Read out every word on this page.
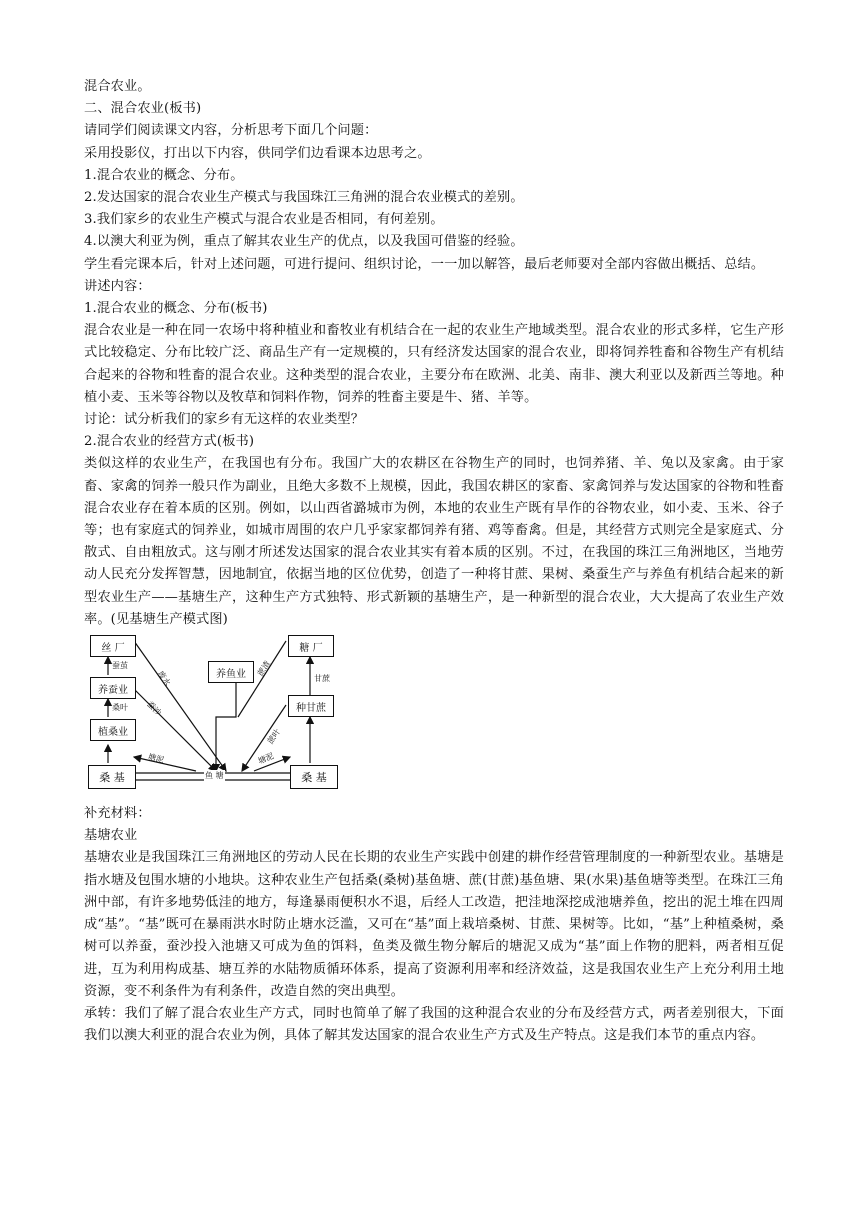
混合农业。

二、混合农业(板书)

请同学们阅读课文内容，分析思考下面几个问题：

采用投影仪，打出以下内容，供同学们边看课本边思考之。

1.混合农业的概念、分布。

2.发达国家的混合农业生产模式与我国珠江三角洲的混合农业模式的差别。

3.我们家乡的农业生产模式与混合农业是否相同，有何差别。

4.以澳大利亚为例，重点了解其农业生产的优点，以及我国可借鉴的经验。

学生看完课本后，针对上述问题，可进行提问、组织讨论，一一加以解答，最后老师要对全部内容做出概括、总结。

讲述内容：

1.混合农业的概念、分布(板书)

混合农业是一种在同一农场中将种植业和畜牧业有机结合在一起的农业生产地域类型。混合农业的形式多样，它生产形式比较稳定、分布比较广泛、商品生产有一定规模的，只有经济发达国家的混合农业，即将饲养牲畜和谷物生产有机结合起来的谷物和牲畜的混合农业。这种类型的混合农业，主要分布在欧洲、北美、南非、澳大利亚以及新西兰等地。种植小麦、玉米等谷物以及牧草和饲料作物，饲养的牲畜主要是牛、猪、羊等。

讨论：试分析我们的家乡有无这样的农业类型？

2.混合农业的经营方式(板书)

类似这样的农业生产，在我国也有分布。我国广大的农耕区在谷物生产的同时，也饲养猪、羊、兔以及家禽。由于家畜、家禽的饲养一般只作为副业，且绝大多数不上规模，因此，我国农耕区的家畜、家禽饲养与发达国家的谷物和牲畜混合农业存在着本质的区别。例如，以山西省潞城市为例，本地的农业生产既有旱作的谷物农业，如小麦、玉米、谷子等；也有家庭式的饲养业，如城市周围的农户几乎家家都饲养有猪、鸡等畜禽。但是，其经营方式则完全是家庭式、分散式、自由粗放式。这与刚才所述发达国家的混合农业其实有着本质的区别。不过，在我国的珠江三角洲地区，当地劳动人民充分发挥智慧，因地制宜，依据当地的区位优势，创造了一种将甘蔗、果树、桑蚕生产与养鱼有机结合起来的新型农业生产——基塘生产，这种生产方式独特、形式新颖的基塘生产，是一种新型的混合农业，大大提高了农业生产效率。(见基塘生产模式图)

丝 厂
养蚕业
植桑业
桑 基
养鱼业
糖 厂
种甘蔗
桑 基
鱼 塘
蚕茧
桑叶
废水
蚕沙
塘泥
蔗渣
甘蔗
蔗叶
塘泥

补充材料：

基塘农业

基塘农业是我国珠江三角洲地区的劳动人民在长期的农业生产实践中创建的耕作经营管理制度的一种新型农业。基塘是指水塘及包围水塘的小地块。这种农业生产包括桑(桑树)基鱼塘、蔗(甘蔗)基鱼塘、果(水果)基鱼塘等类型。在珠江三角洲中部，有许多地势低洼的地方，每逢暴雨便积水不退，后经人工改造，把洼地深挖成池塘养鱼，挖出的泥土堆在四周成“基”。“基”既可在暴雨洪水时防止塘水泛滥，又可在“基”面上栽培桑树、甘蔗、果树等。比如，“基”上种植桑树，桑树可以养蚕，蚕沙投入池塘又可成为鱼的饵料，鱼类及微生物分解后的塘泥又成为“基”面上作物的肥料，两者相互促进，互为利用构成基、塘互养的水陆物质循环体系，提高了资源利用率和经济效益，这是我国农业生产上充分利用土地资源，变不利条件为有利条件，改造自然的突出典型。

承转：我们了解了混合农业生产方式，同时也简单了解了我国的这种混合农业的分布及经营方式，两者差别很大，下面我们以澳大利亚的混合农业为例，具体了解其发达国家的混合农业生产方式及生产特点。这是我们本节的重点内容。
